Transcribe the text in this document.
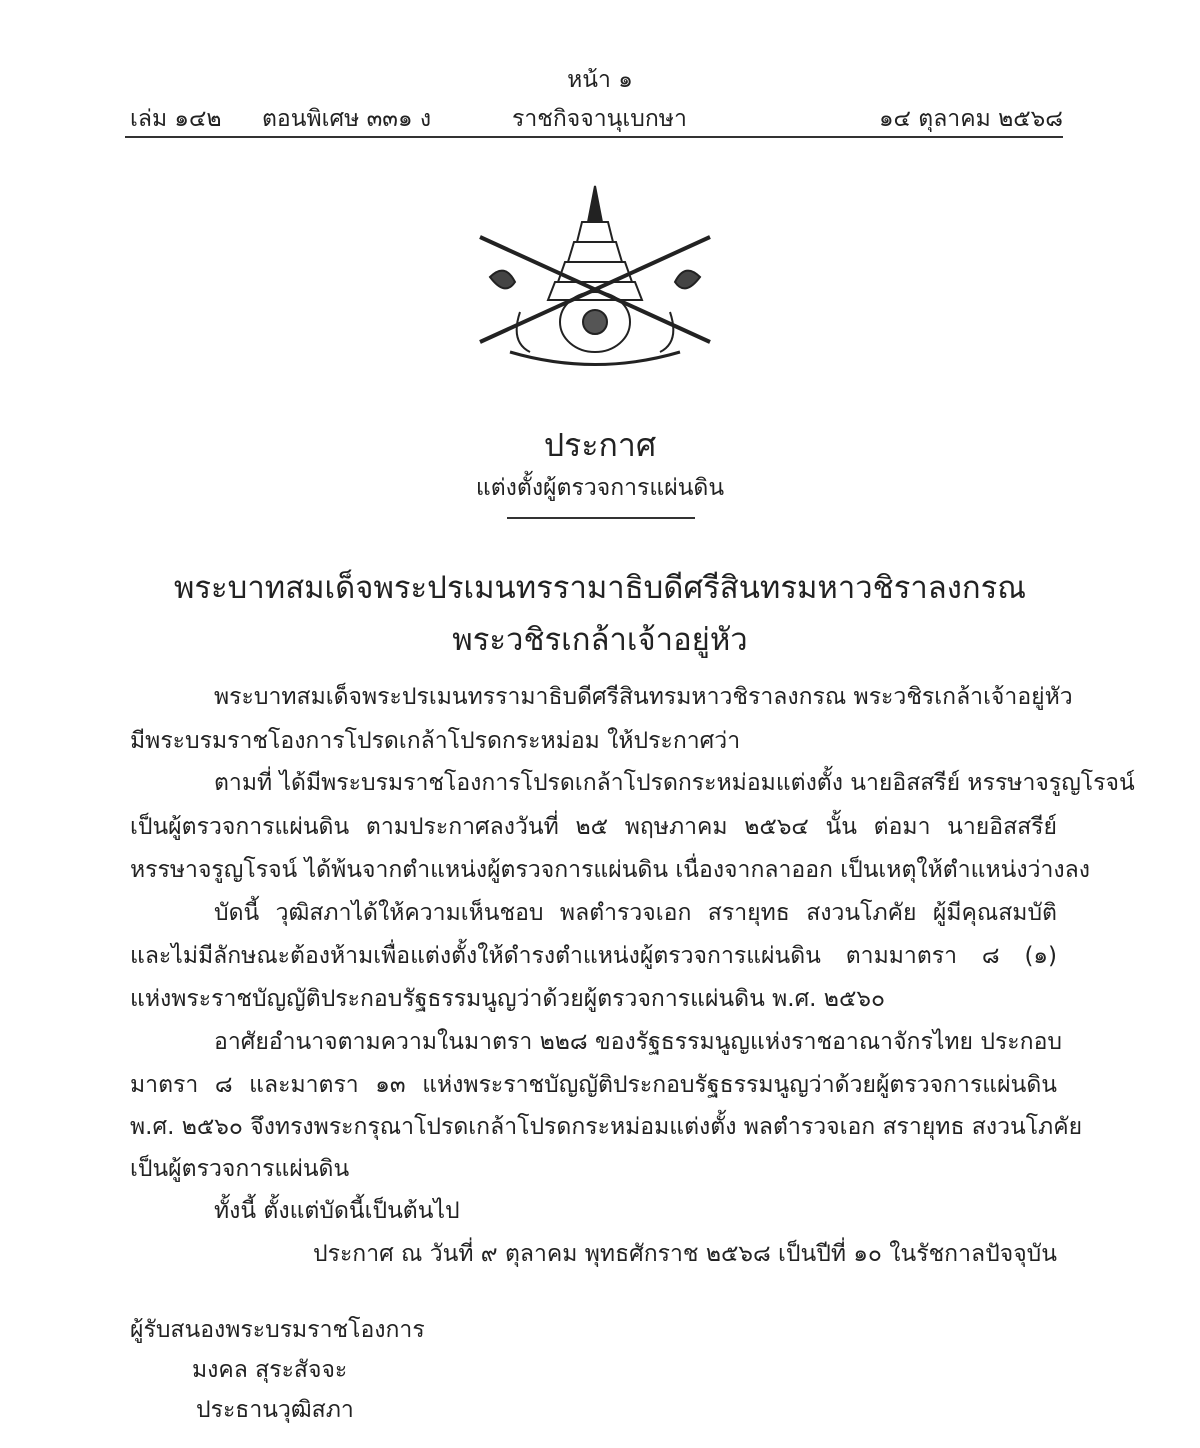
หน้า ๑
เล่ม ๑๔๒ ตอนพิเศษ ๓๓๑ ง	ราชกิจจานุเบกษา	๑๔ ตุลาคม ๒๕๖๘
ประกาศ
แต่งตั้งผู้ตรวจการแผ่นดิน
พระบาทสมเด็จพระปรเมนทรรามาธิบดีศรีสินทรมหาวชิราลงกรณ
พระวชิรเกล้าเจ้าอยู่หัว
พระบาทสมเด็จพระปรเมนทรรามาธิบดีศรีสินทรมหาวชิราลงกรณ พระวชิรเกล้าเจ้าอยู่หัว
มีพระบรมราชโองการโปรดเกล้าโปรดกระหม่อม ให้ประกาศว่า
ตามที่ ได้มีพระบรมราชโองการโปรดเกล้าโปรดกระหม่อมแต่งตั้ง นายอิสสรีย์ หรรษาจรูญโรจน์
เป็นผู้ตรวจการแผ่นดิน ตามประกาศลงวันที่ ๒๕ พฤษภาคม ๒๕๖๔ นั้น ต่อมา นายอิสสรีย์
หรรษาจรูญโรจน์ ได้พ้นจากตำแหน่งผู้ตรวจการแผ่นดิน เนื่องจากลาออก เป็นเหตุให้ตำแหน่งว่างลง
บัดนี้ วุฒิสภาได้ให้ความเห็นชอบ พลตำรวจเอก สรายุทธ สงวนโภคัย ผู้มีคุณสมบัติ
และไม่มีลักษณะต้องห้ามเพื่อแต่งตั้งให้ดำรงตำแหน่งผู้ตรวจการแผ่นดิน ตามมาตรา ๘ (๑)
แห่งพระราชบัญญัติประกอบรัฐธรรมนูญว่าด้วยผู้ตรวจการแผ่นดิน พ.ศ. ๒๕๖๐
อาศัยอำนาจตามความในมาตรา ๒๒๘ ของรัฐธรรมนูญแห่งราชอาณาจักรไทย ประกอบ
มาตรา ๘ และมาตรา ๑๓ แห่งพระราชบัญญัติประกอบรัฐธรรมนูญว่าด้วยผู้ตรวจการแผ่นดิน
พ.ศ. ๒๕๖๐ จึงทรงพระกรุณาโปรดเกล้าโปรดกระหม่อมแต่งตั้ง พลตำรวจเอก สรายุทธ สงวนโภคัย
เป็นผู้ตรวจการแผ่นดิน
ทั้งนี้ ตั้งแต่บัดนี้เป็นต้นไป
ประกาศ ณ วันที่ ๙ ตุลาคม พุทธศักราช ๒๕๖๘ เป็นปีที่ ๑๐ ในรัชกาลปัจจุบัน
ผู้รับสนองพระบรมราชโองการ
มงคล สุระสัจจะ
ประธานวุฒิสภา
